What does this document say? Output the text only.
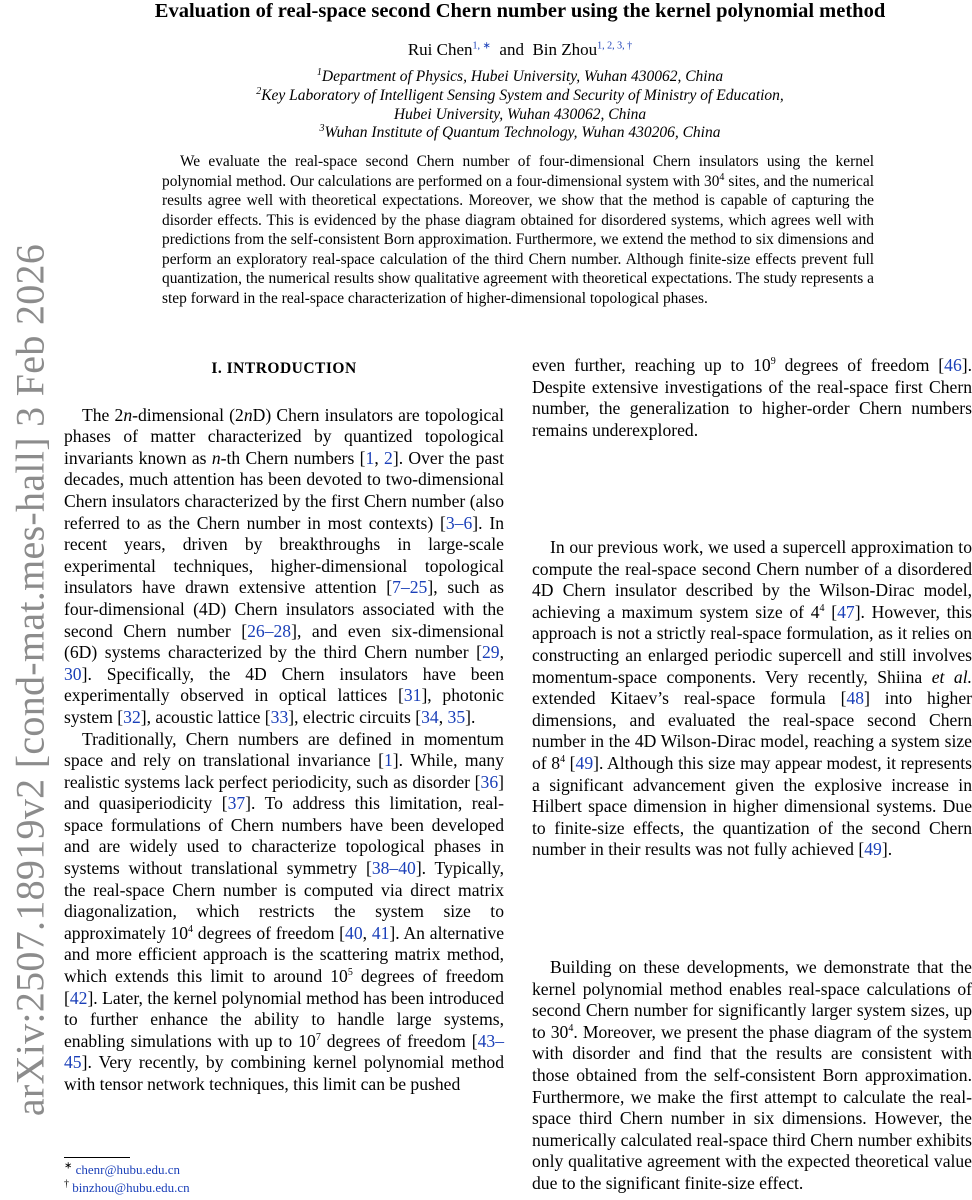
arXiv:2507.18919v2 [cond-mat.mes-hall] 3 Feb 2026
Evaluation of real-space second Chern number using the kernel polynomial method
Rui Chen$^{1, ∗}$ and Bin Zhou$^{1, 2, 3, \dagger}$
$^1$Department of Physics, Hubei University, Wuhan 430062, China
$^2$Key Laboratory of Intelligent Sensing System and Security of Ministry of Education,
Hubei University, Wuhan 430062, China
$^3$Wuhan Institute of Quantum Technology, Wuhan 430206, China
We evaluate the real-space second Chern number of four-dimensional Chern insulators using the kernel polynomial method. Our calculations are performed on a four-dimensional system with $30^4$ sites, and the numerical results agree well with theoretical expectations. Moreover, we show that the method is capable of capturing the disorder effects. This is evidenced by the phase diagram obtained for disordered systems, which agrees well with predictions from the self-consistent Born approximation. Furthermore, we extend the method to six dimensions and perform an exploratory real-space calculation of the third Chern number. Although finite-size effects prevent full quantization, the numerical results show qualitative agreement with theoretical expectations. The study represents a step forward in the real-space characterization of higher-dimensional topological phases.
I. INTRODUCTION

The 2n-dimensional (2nD) Chern insulators are topological phases of matter characterized by quantized topological invariants known as n-th Chern numbers [1, 2]. Over the past decades, much attention has been devoted to two-dimensional Chern insulators characterized by the first Chern number (also referred to as the Chern number in most contexts) [3–6]. In recent years, driven by breakthroughs in large-scale experimental techniques, higher-dimensional topological insulators have drawn extensive attention [7–25], such as four-dimensional (4D) Chern insulators associated with the second Chern number [26–28], and even six-dimensional (6D) systems characterized by the third Chern number [29, 30]. Specifically, the 4D Chern insulators have been experimentally observed in optical lattices [31], photonic system [32], acoustic lattice [33], electric circuits [34, 35].

Traditionally, Chern numbers are defined in momentum space and rely on translational invariance [1]. While, many realistic systems lack perfect periodicity, such as disorder [36] and quasiperiodicity [37]. To address this limitation, real-space formulations of Chern numbers have been developed and are widely used to characterize topological phases in systems without translational symmetry [38–40]. Typically, the real-space Chern number is computed via direct matrix diagonalization, which restricts the system size to approximately $10^4$ degrees of freedom [40, 41]. An alternative and more efficient approach is the scattering matrix method, which extends this limit to around $10^5$ degrees of freedom [42]. Later, the kernel polynomial method has been introduced to further enhance the ability to handle large systems, enabling simulations with up to $10^7$ degrees of freedom [43–45]. Very recently, by combining kernel polynomial method with tensor network techniques, this limit can be pushed

∗ chenr@hubu.edu.cn
† binzhou@hubu.edu.cn

even further, reaching up to $10^9$ degrees of freedom [46]. Despite extensive investigations of the real-space first Chern number, the generalization to higher-order Chern numbers remains underexplored.

In our previous work, we used a supercell approximation to compute the real-space second Chern number of a disordered 4D Chern insulator described by the Wilson-Dirac model, achieving a maximum system size of $4^4$ [47]. However, this approach is not a strictly real-space formulation, as it relies on constructing an enlarged periodic supercell and still involves momentum-space components. Very recently, Shiina et al. extended Kitaev’s real-space formula [48] into higher dimensions, and evaluated the real-space second Chern number in the 4D Wilson-Dirac model, reaching a system size of $8^4$ [49]. Although this size may appear modest, it represents a significant advancement given the explosive increase in Hilbert space dimension in higher dimensional systems. Due to finite-size effects, the quantization of the second Chern number in their results was not fully achieved [49].

Building on these developments, we demonstrate that the kernel polynomial method enables real-space calculations of second Chern number for significantly larger system sizes, up to $30^4$. Moreover, we present the phase diagram of the system with disorder and find that the results are consistent with those obtained from the self-consistent Born approximation. Furthermore, we make the first attempt to calculate the real-space third Chern number in six dimensions. However, the numerically calculated real-space third Chern number exhibits only qualitative agreement with the expected theoretical value due to the significant finite-size effect.
